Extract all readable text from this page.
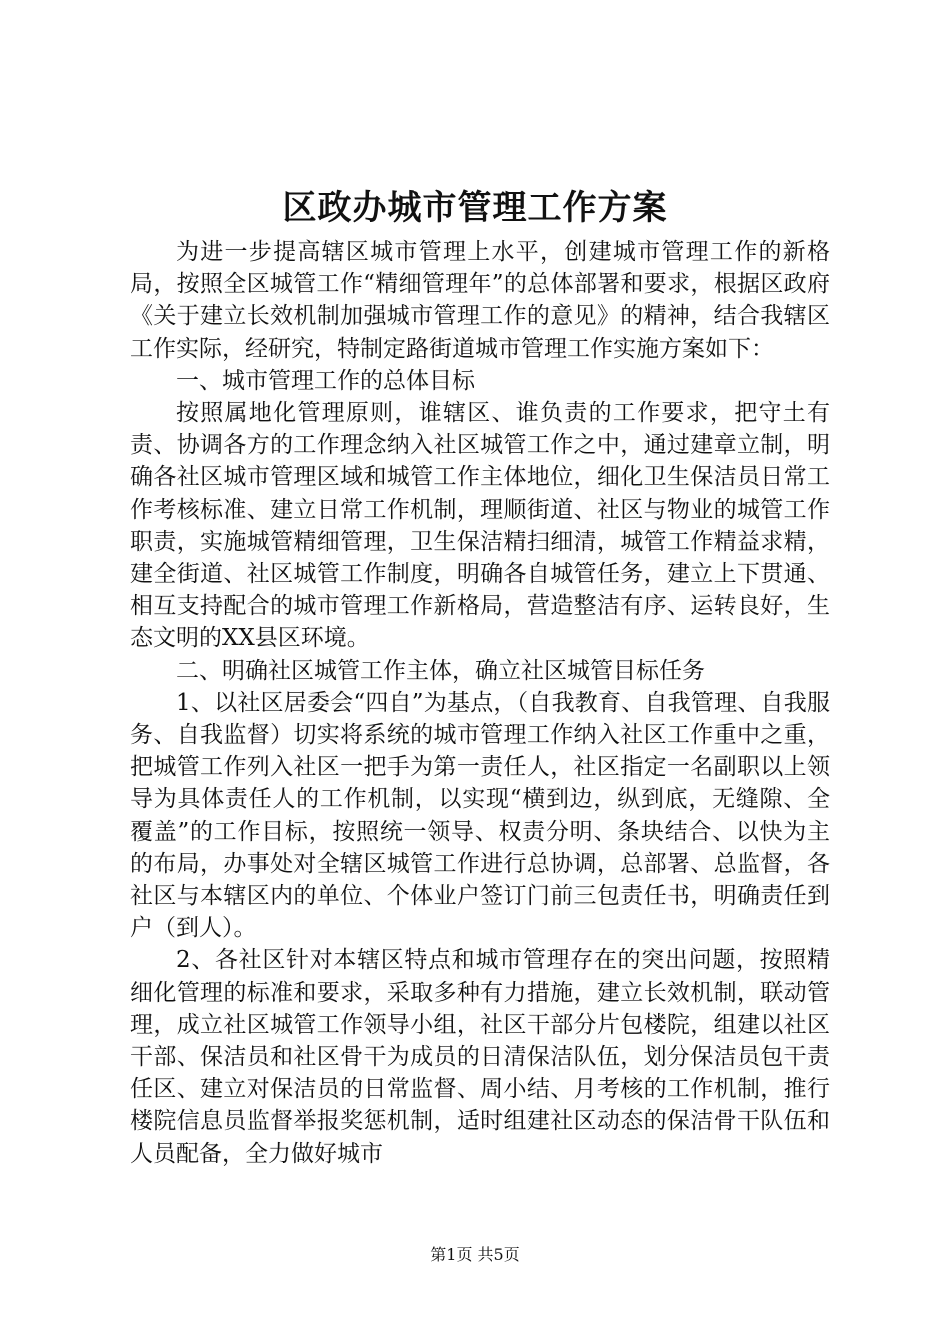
区政办城市管理工作方案

为进一步提高辖区城市管理上水平，创建城市管理工作的新格局，按照全区城管工作“精细管理年”的总体部署和要求，根据区政府《关于建立长效机制加强城市管理工作的意见》的精神，结合我辖区工作实际，经研究，特制定路街道城市管理工作实施方案如下：

一、城市管理工作的总体目标

按照属地化管理原则，谁辖区、谁负责的工作要求，把守土有责、协调各方的工作理念纳入社区城管工作之中，通过建章立制，明确各社区城市管理区域和城管工作主体地位，细化卫生保洁员日常工作考核标准、建立日常工作机制，理顺街道、社区与物业的城管工作职责，实施城管精细管理，卫生保洁精扫细清，城管工作精益求精，建全街道、社区城管工作制度，明确各自城管任务，建立上下贯通、相互支持配合的城市管理工作新格局，营造整洁有序、运转良好，生态文明的XX县区环境。

二、明确社区城管工作主体，确立社区城管目标任务

1、以社区居委会“四自”为基点，（自我教育、自我管理、自我服务、自我监督）切实将系统的城市管理工作纳入社区工作重中之重，把城管工作列入社区一把手为第一责任人，社区指定一名副职以上领导为具体责任人的工作机制，以实现“横到边，纵到底，无缝隙、全覆盖”的工作目标，按照统一领导、权责分明、条块结合、以快为主的布局，办事处对全辖区城管工作进行总协调，总部署、总监督，各社区与本辖区内的单位、个体业户签订门前三包责任书，明确责任到户（到人）。

2、各社区针对本辖区特点和城市管理存在的突出问题，按照精细化管理的标准和要求，采取多种有力措施，建立长效机制，联动管理，成立社区城管工作领导小组，社区干部分片包楼院，组建以社区干部、保洁员和社区骨干为成员的日清保洁队伍，划分保洁员包干责任区、建立对保洁员的日常监督、周小结、月考核的工作机制，推行楼院信息员监督举报奖惩机制，适时组建社区动态的保洁骨干队伍和人员配备，全力做好城市

第1页 共5页
